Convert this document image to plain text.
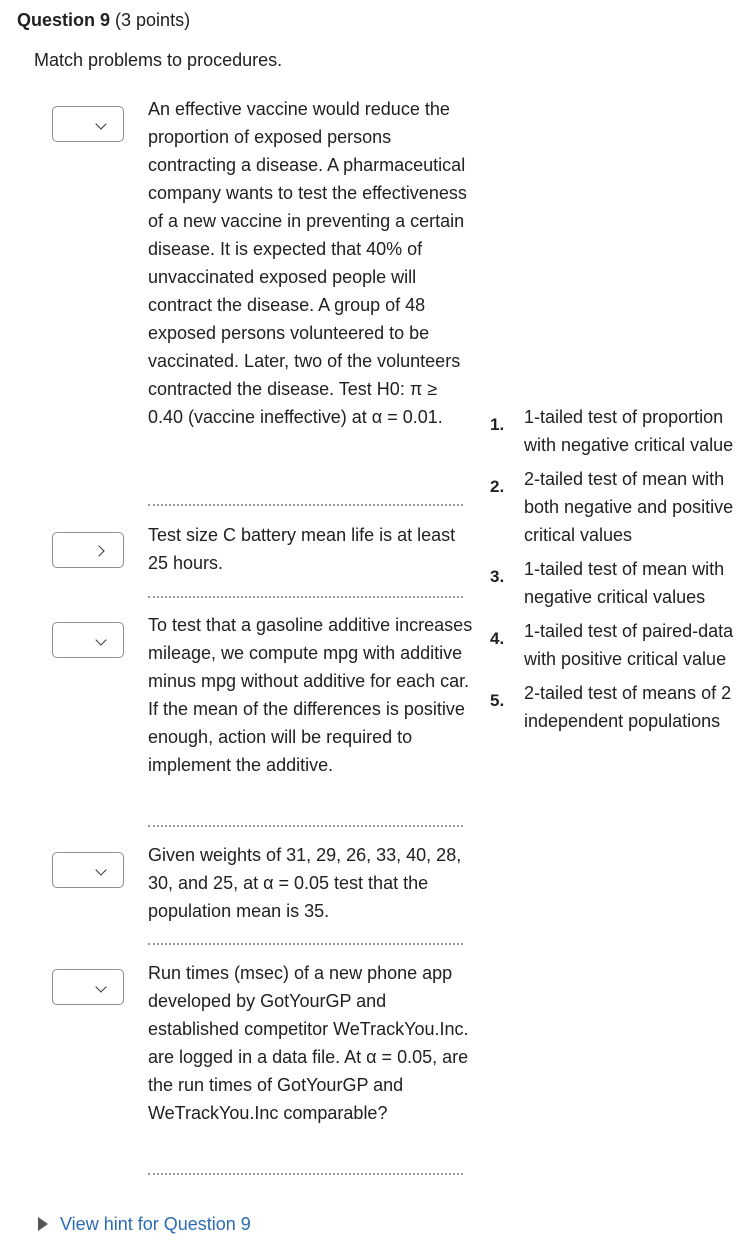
Question 9 (3 points)
Match problems to procedures.
An effective vaccine would reduce the proportion of exposed persons contracting a disease. A pharmaceutical company wants to test the effectiveness of a new vaccine in preventing a certain disease. It is expected that 40% of unvaccinated exposed people will contract the disease. A group of 48 exposed persons volunteered to be vaccinated. Later, two of the volunteers contracted the disease. Test H0: π ≥ 0.40 (vaccine ineffective) at α = 0.01.
Test size C battery mean life is at least 25 hours.
To test that a gasoline additive increases mileage, we compute mpg with additive minus mpg without additive for each car. If the mean of the differences is positive enough, action will be required to implement the additive.
Given weights of 31, 29, 26, 33, 40, 28, 30, and 25, at α = 0.05 test that the population mean is 35.
Run times (msec) of a new phone app developed by GotYourGP and established competitor WeTrackYou.Inc. are logged in a data file. At α = 0.05, are the run times of GotYourGP and WeTrackYou.Inc comparable?
1. 1-tailed test of proportion with negative critical value
2. 2-tailed test of mean with both negative and positive critical values
3. 1-tailed test of mean with negative critical values
4. 1-tailed test of paired-data with positive critical value
5. 2-tailed test of means of 2 independent populations
View hint for Question 9
